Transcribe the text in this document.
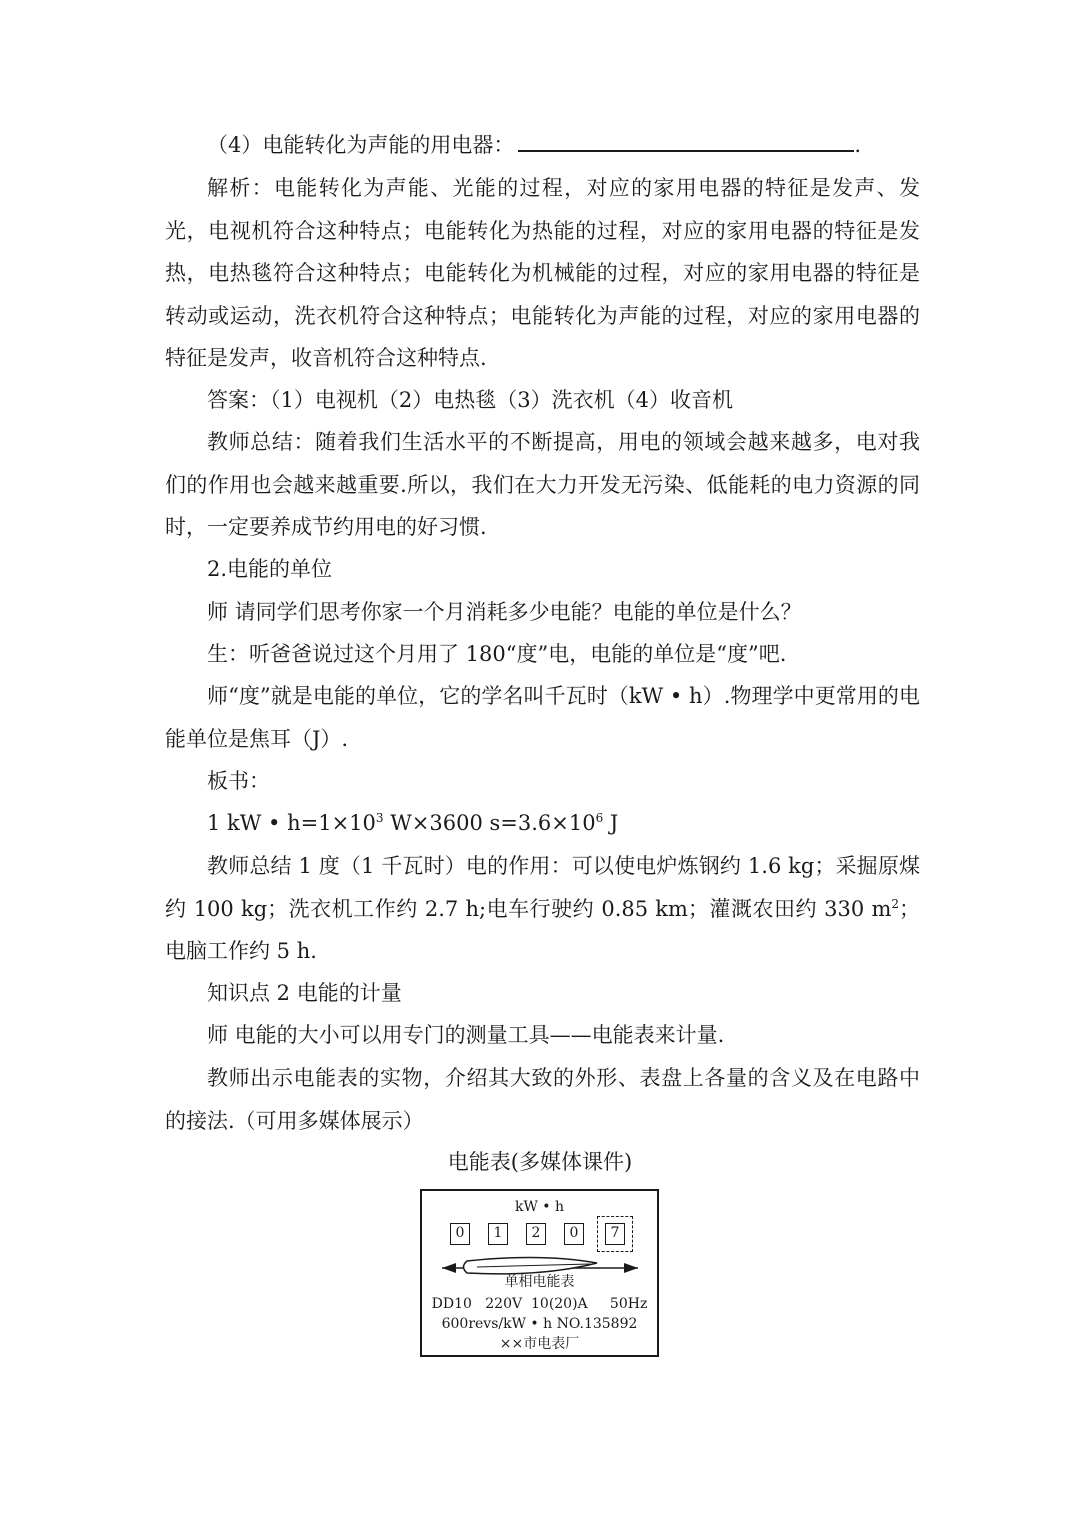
（4）电能转化为声能的用电器：	.

解析：电能转化为声能、光能的过程，对应的家用电器的特征是发声、发光，电视机符合这种特点；电能转化为热能的过程，对应的家用电器的特征是发热，电热毯符合这种特点；电能转化为机械能的过程，对应的家用电器的特征是转动或运动，洗衣机符合这种特点；电能转化为声能的过程，对应的家用电器的特征是发声，收音机符合这种特点.

答案：（1）电视机（2）电热毯（3）洗衣机（4）收音机

教师总结：随着我们生活水平的不断提高，用电的领域会越来越多，电对我们的作用也会越来越重要.所以，我们在大力开发无污染、低能耗的电力资源的同时，一定要养成节约用电的好习惯.

2.电能的单位

师 请同学们思考你家一个月消耗多少电能？电能的单位是什么？

生：听爸爸说过这个月用了 180“度”电，电能的单位是“度”吧.

师“度”就是电能的单位，它的学名叫千瓦时（kW • h）.物理学中更常用的电能单位是焦耳（J）.

板书：

1 kW • $h=1\times 10^3$ W×3600 $s=3.6\times 10^6$ J

教师总结 1 度（1 千瓦时）电的作用：可以使电炉炼钢约 1.6 kg；采掘原煤约 100 kg；洗衣机工作约 2.7 h;电车行驶约 0.85 km；灌溉农田约 330 $m^2$；电脑工作约 5 h.

知识点 2 电能的计量

师 电能的大小可以用专门的测量工具——电能表来计量.

教师出示电能表的实物，介绍其大致的外形、表盘上各量的含义及在电路中的接法.（可用多媒体展示）

电能表(多媒体课件)
kW • h
0	1	2	0	7
单相电能表
DD10   220V  10(20)A     50Hz
600revs/kW • h NO.135892
××市电表厂
